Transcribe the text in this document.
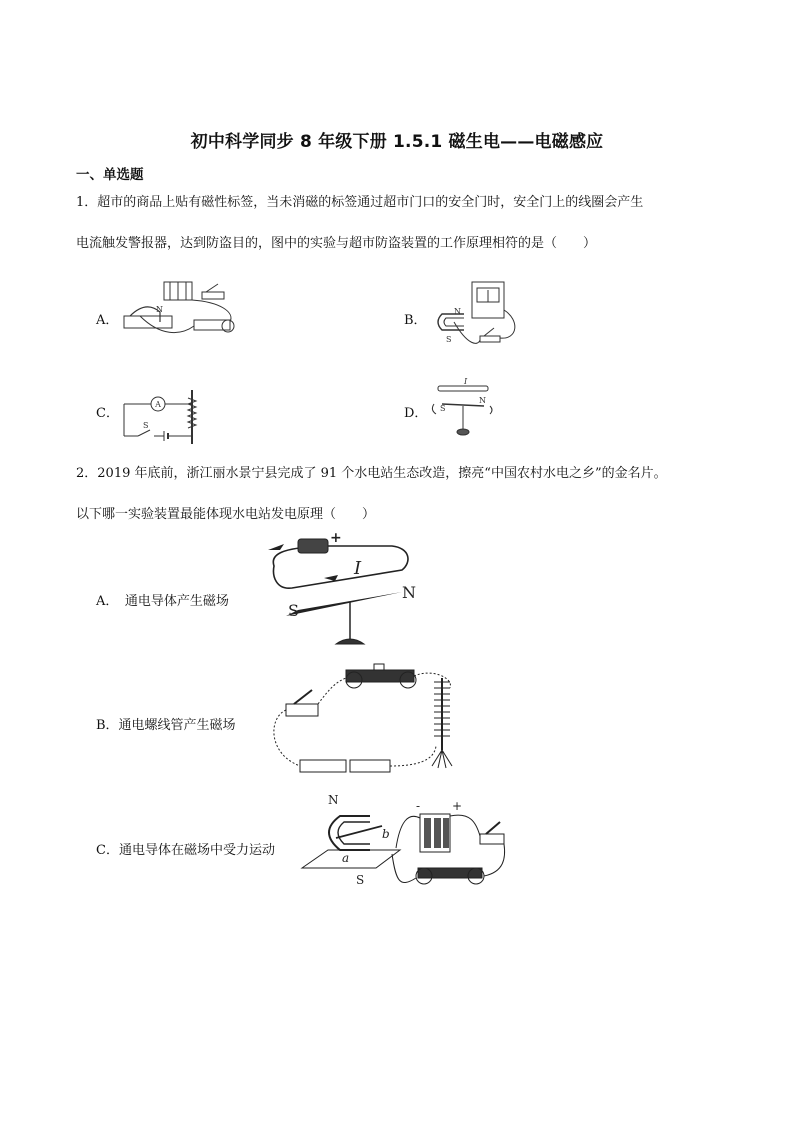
初中科学同步 8 年级下册 1.5.1 磁生电——电磁感应
一、单选题
1．超市的商品上贴有磁性标签，当未消磁的标签通过超市门口的安全门时，安全门上的线圈会产生
电流触发警报器，达到防盗目的，图中的实验与超市防盗装置的工作原理相符的是（　　）
A．
N
B．
N
S
C．
A
S
D．
I
S
N
2．2019 年底前，浙江丽水景宁县完成了 91 个水电站生态改造，擦亮“中国农村水电之乡”的金名片。
以下哪一实验装置最能体现水电站发电原理（　　）
A．　通电导体产生磁场
+
I
N
S
B．通电螺线管产生磁场
C．通电导体在磁场中受力运动
N
S
a
b
-	+
